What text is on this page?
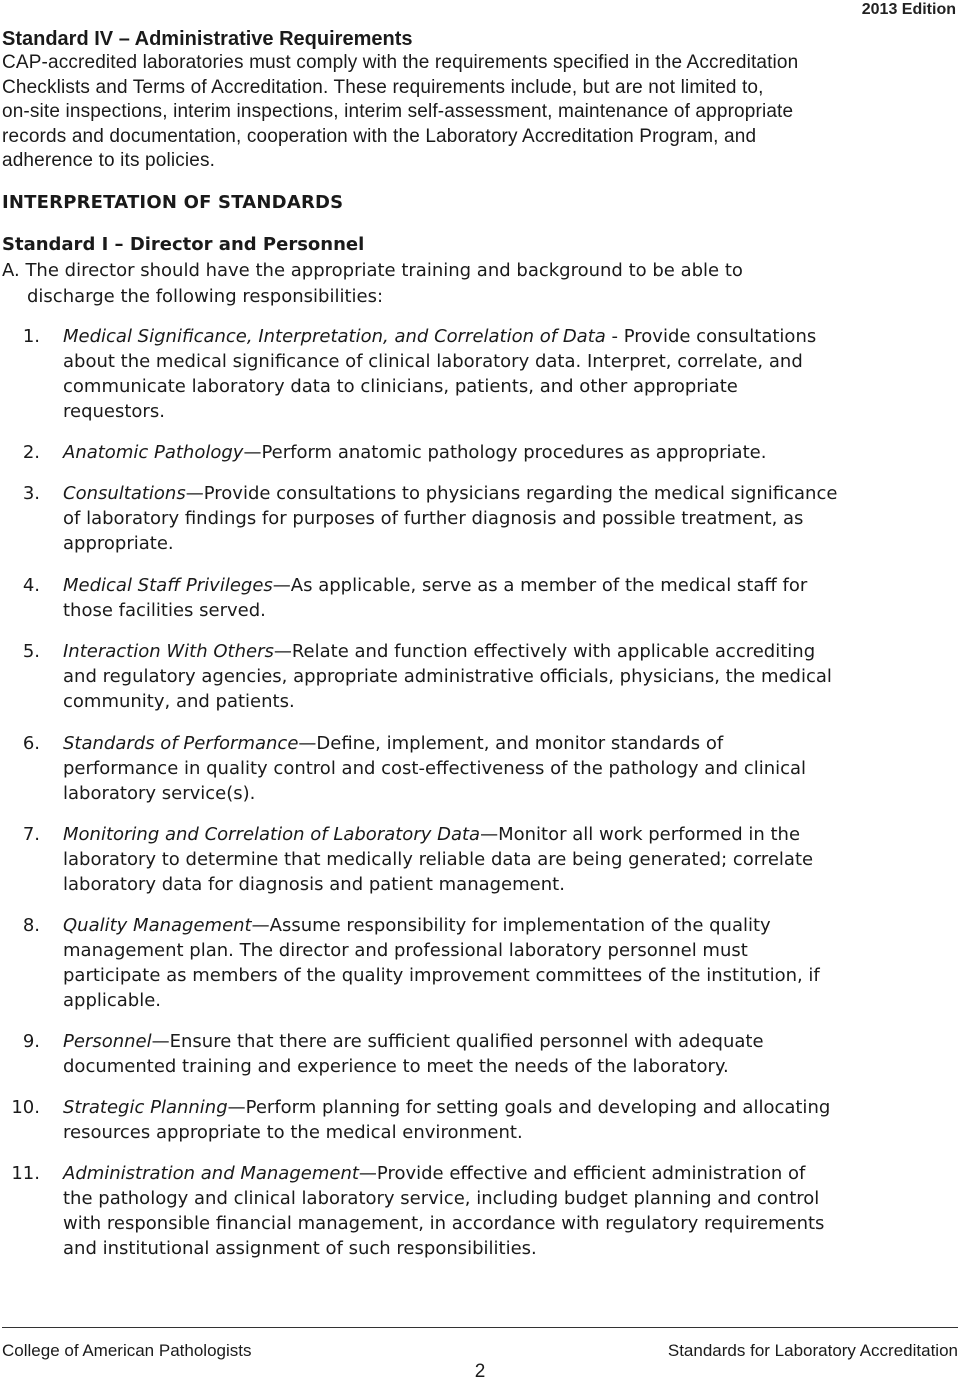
2013 Edition
Standard IV – Administrative Requirements
CAP-accredited laboratories must comply with the requirements specified in the Accreditation
Checklists and Terms of Accreditation. These requirements include, but are not limited to,
on-site inspections, interim inspections, interim self-assessment, maintenance of appropriate
records and documentation, cooperation with the Laboratory Accreditation Program, and
adherence to its policies.
INTERPRETATION OF STANDARDS
Standard I – Director and Personnel
A. The director should have the appropriate training and background to be able to
discharge the following responsibilities:
1. Medical Significance, Interpretation, and Correlation of Data - Provide consultations
about the medical significance of clinical laboratory data. Interpret, correlate, and
communicate laboratory data to clinicians, patients, and other appropriate
requestors.
2. Anatomic Pathology—Perform anatomic pathology procedures as appropriate.
3. Consultations—Provide consultations to physicians regarding the medical significance
of laboratory findings for purposes of further diagnosis and possible treatment, as
appropriate.
4. Medical Staff Privileges—As applicable, serve as a member of the medical staff for
those facilities served.
5. Interaction With Others—Relate and function effectively with applicable accrediting
and regulatory agencies, appropriate administrative officials, physicians, the medical
community, and patients.
6. Standards of Performance—Define, implement, and monitor standards of
performance in quality control and cost-effectiveness of the pathology and clinical
laboratory service(s).
7. Monitoring and Correlation of Laboratory Data—Monitor all work performed in the
laboratory to determine that medically reliable data are being generated; correlate
laboratory data for diagnosis and patient management.
8. Quality Management—Assume responsibility for implementation of the quality
management plan. The director and professional laboratory personnel must
participate as members of the quality improvement committees of the institution, if
applicable.
9. Personnel—Ensure that there are sufficient qualified personnel with adequate
documented training and experience to meet the needs of the laboratory.
10. Strategic Planning—Perform planning for setting goals and developing and allocating
resources appropriate to the medical environment.
11. Administration and Management—Provide effective and efficient administration of
the pathology and clinical laboratory service, including budget planning and control
with responsible financial management, in accordance with regulatory requirements
and institutional assignment of such responsibilities.
College of American Pathologists	Standards for Laboratory Accreditation
2
